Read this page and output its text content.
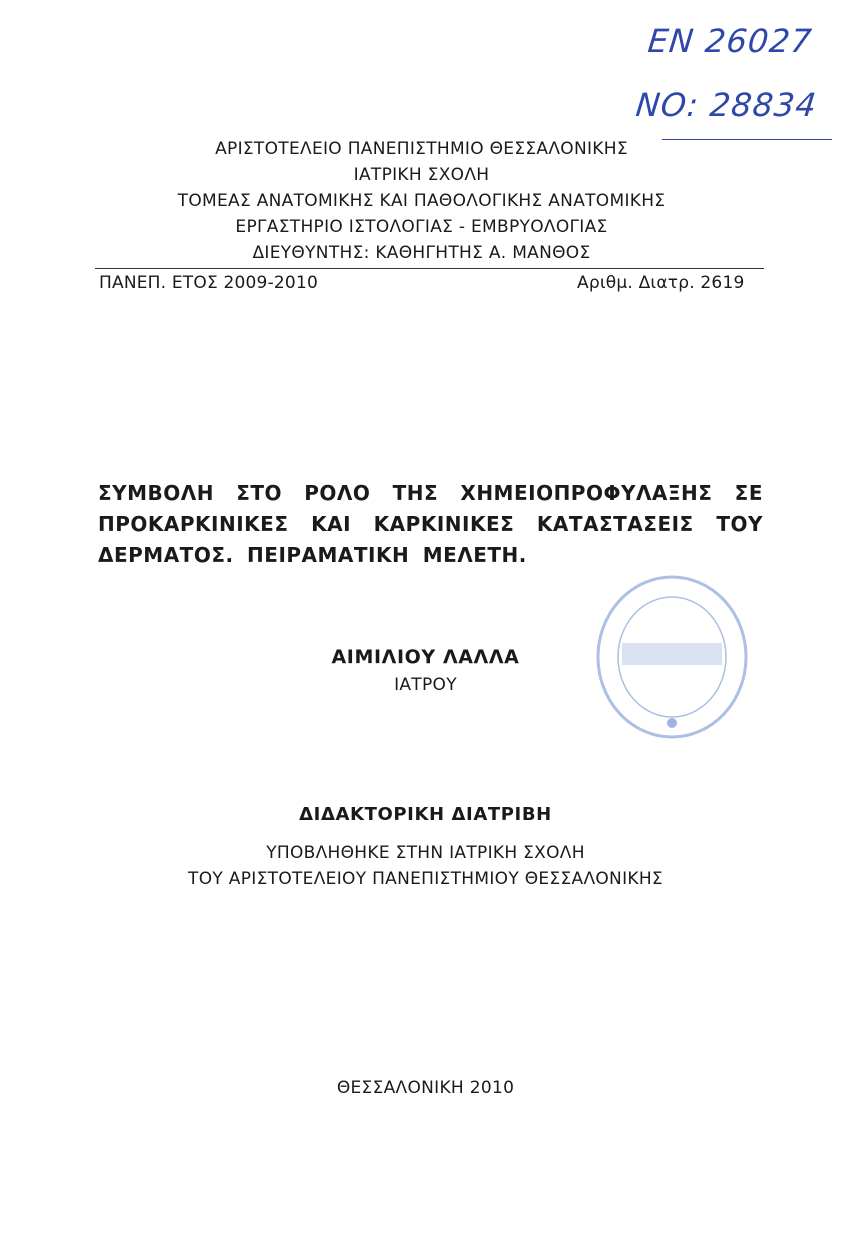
EN 26027
ΝΟ: 28834
ΑΡΙΣΤΟΤΕΛΕΙΟ ΠΑΝΕΠΙΣΤΗΜΙΟ ΘΕΣΣΑΛΟΝΙΚΗΣ
ΙΑΤΡΙΚΗ ΣΧΟΛΗ
ΤΟΜΕΑΣ ΑΝΑΤΟΜΙΚΗΣ ΚΑΙ ΠΑΘΟΛΟΓΙΚΗΣ ΑΝΑΤΟΜΙΚΗΣ
ΕΡΓΑΣΤΗΡΙΟ ΙΣΤΟΛΟΓΙΑΣ - ΕΜΒΡΥΟΛΟΓΙΑΣ
ΔΙΕΥΘΥΝΤΗΣ: ΚΑΘΗΓΗΤΗΣ Α. ΜΑΝΘΟΣ
ΠΑΝΕΠ. ΕΤΟΣ 2009-2010	Αριθμ. Διατρ. 2619
ΣΥΜΒΟΛΗ ΣΤΟ ΡΟΛΟ ΤΗΣ ΧΗΜΕΙΟΠΡΟΦΥΛΑΞΗΣ ΣΕ ΠΡΟΚΑΡΚΙΝΙΚΕΣ ΚΑΙ ΚΑΡΚΙΝΙΚΕΣ ΚΑΤΑΣΤΑΣΕΙΣ ΤΟΥ ΔΕΡΜΑΤΟΣ. ΠΕΙΡΑΜΑΤΙΚΗ ΜΕΛΕΤΗ.
ΑΙΜΙΛΙΟΥ ΛΑΛΛΑ
ΙΑΤΡΟΥ
ΔΙΔΑΚΤΟΡΙΚΗ ΔΙΑΤΡΙΒΗ
ΥΠΟΒΛΗΘΗΚΕ ΣΤΗΝ ΙΑΤΡΙΚΗ ΣΧΟΛΗ
ΤΟΥ ΑΡΙΣΤΟΤΕΛΕΙΟΥ ΠΑΝΕΠΙΣΤΗΜΙΟΥ ΘΕΣΣΑΛΟΝΙΚΗΣ
ΘΕΣΣΑΛΟΝΙΚΗ 2010
